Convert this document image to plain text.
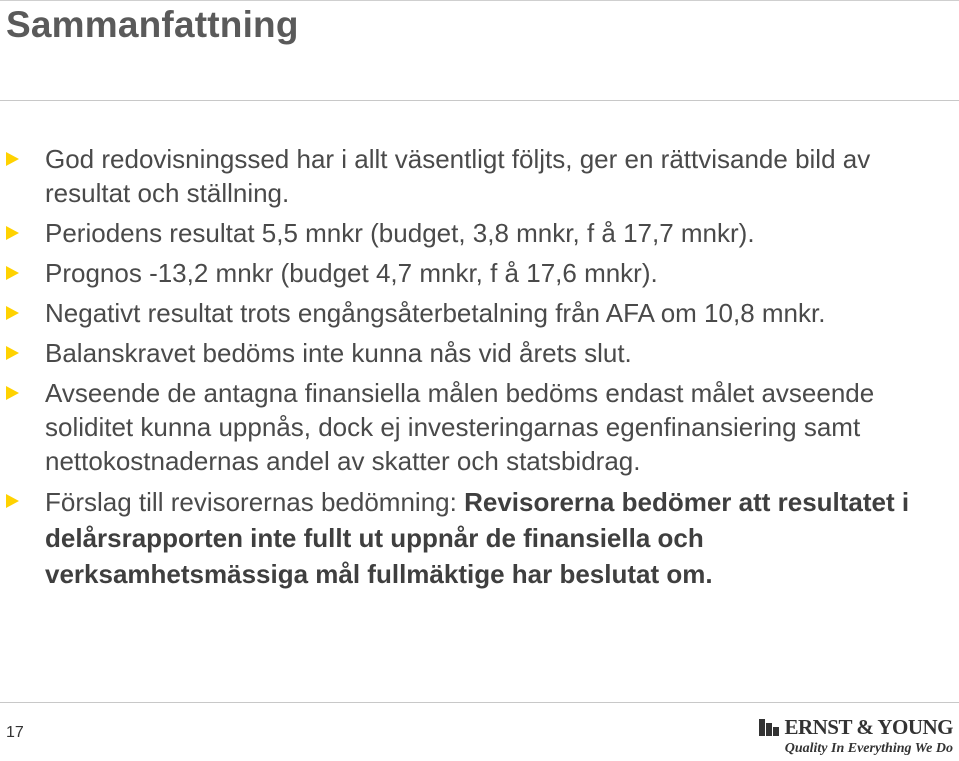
Sammanfattning
God redovisningssed har i allt väsentligt följts, ger en rättvisande bild av resultat och ställning.
Periodens resultat 5,5 mnkr (budget, 3,8 mnkr, f å 17,7 mnkr).
Prognos -13,2 mnkr (budget 4,7 mnkr, f å 17,6 mnkr).
Negativt resultat trots engångsåterbetalning från AFA om 10,8 mnkr.
Balanskravet bedöms inte kunna nås vid årets slut.
Avseende de antagna finansiella målen bedöms endast målet avseende soliditet kunna uppnås, dock ej investeringarnas egenfinansiering samt nettokostnadernas andel av skatter och statsbidrag.
Förslag till revisorernas bedömning: Revisorerna bedömer att resultatet i delårsrapporten inte fullt ut uppnår de finansiella och verksamhetsmässiga mål fullmäktige har beslutat om.
17	ERNST & YOUNG
Quality In Everything We Do
